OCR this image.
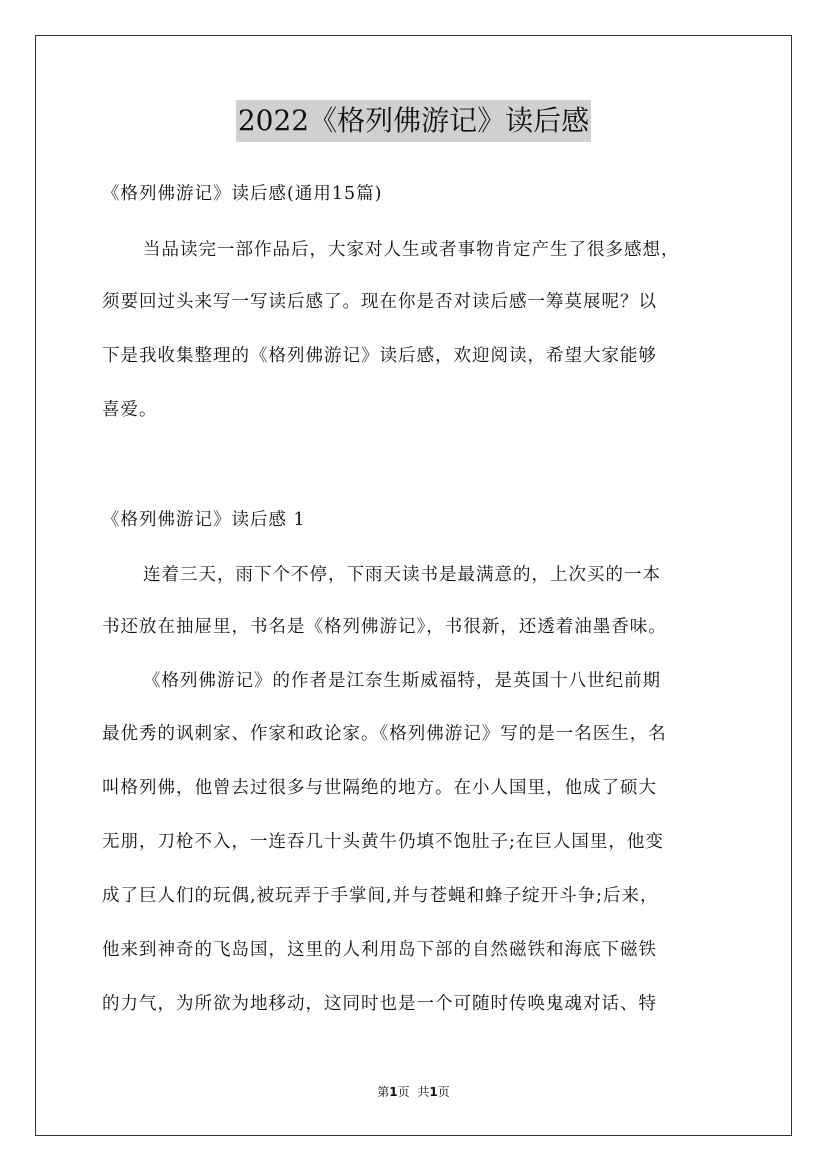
2022《格列佛游记》读后感
《格列佛游记》读后感(通用15篇)
当品读完一部作品后，大家对人生或者事物肯定产生了很多感想，
须要回过头来写一写读后感了。现在你是否对读后感一筹莫展呢？以
下是我收集整理的《格列佛游记》读后感，欢迎阅读，希望大家能够
喜爱。
《格列佛游记》读后感 1
连着三天，雨下个不停，下雨天读书是最满意的，上次买的一本
书还放在抽屉里，书名是《格列佛游记》，书很新，还透着油墨香味。
《格列佛游记》的作者是江奈生斯威福特，是英国十八世纪前期
最优秀的讽刺家、作家和政论家。《格列佛游记》写的是一名医生，名
叫格列佛，他曾去过很多与世隔绝的地方。在小人国里，他成了硕大
无朋，刀枪不入，一连吞几十头黄牛仍填不饱肚子;在巨人国里，他变
成了巨人们的玩偶,被玩弄于手掌间,并与苍蝇和蜂子绽开斗争;后来，
他来到神奇的飞岛国，这里的人利用岛下部的自然磁铁和海底下磁铁
的力气，为所欲为地移动，这同时也是一个可随时传唤鬼魂对话、特
第1页 共1页
